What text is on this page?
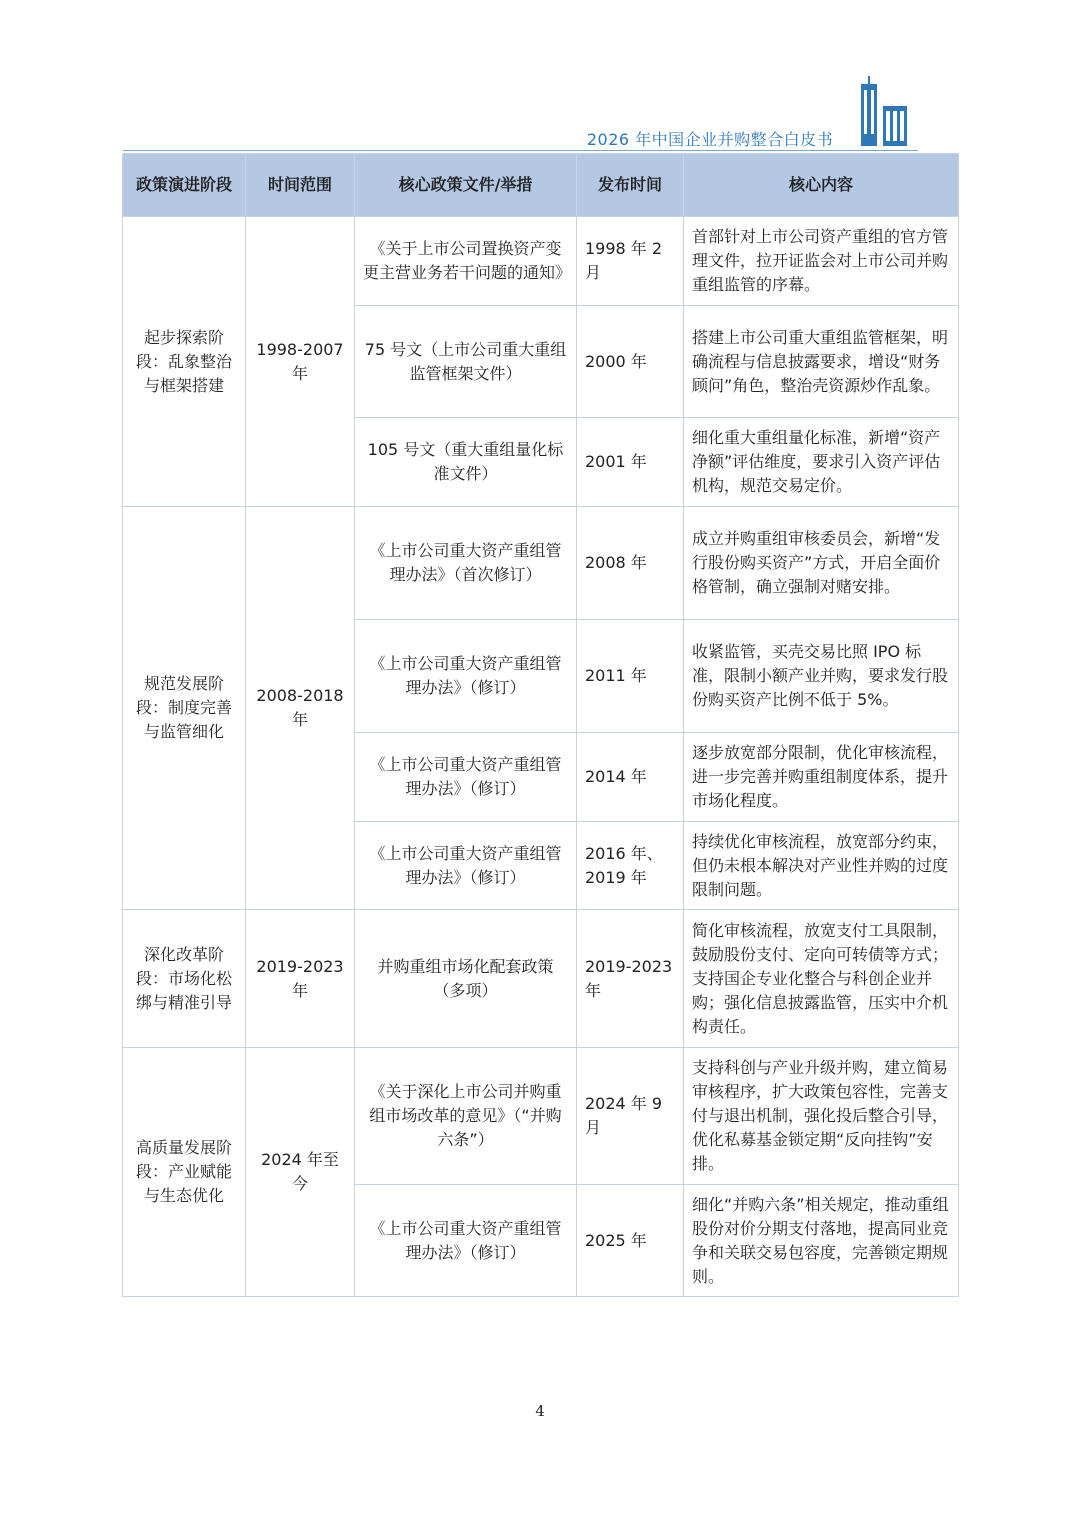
2026 年中国企业并购整合白皮书
政策演进阶段	时间范围	核心政策文件/举措	发布时间	核心内容
起步探索阶段：乱象整治与框架搭建	1998-2007 年	《关于上市公司置换资产变更主营业务若干问题的通知》	1998 年 2 月	首部针对上市公司资产重组的官方管理文件，拉开证监会对上市公司并购重组监管的序幕。
		75 号文（上市公司重大重组监管框架文件）	2000 年	搭建上市公司重大重组监管框架，明确流程与信息披露要求，增设“财务顾问”角色，整治壳资源炒作乱象。
		105 号文（重大重组量化标准文件）	2001 年	细化重大重组量化标准，新增“资产净额”评估维度，要求引入资产评估机构，规范交易定价。
规范发展阶段：制度完善与监管细化	2008-2018 年	《上市公司重大资产重组管理办法》（首次修订）	2008 年	成立并购重组审核委员会，新增“发行股份购买资产”方式，开启全面价格管制，确立强制对赌安排。
		《上市公司重大资产重组管理办法》（修订）	2011 年	收紧监管，买壳交易比照 IPO 标准，限制小额产业并购，要求发行股份购买资产比例不低于 5%。
		《上市公司重大资产重组管理办法》（修订）	2014 年	逐步放宽部分限制，优化审核流程，进一步完善并购重组制度体系，提升市场化程度。
		《上市公司重大资产重组管理办法》（修订）	2016 年、2019 年	持续优化审核流程，放宽部分约束，但仍未根本解决对产业性并购的过度限制问题。
深化改革阶段：市场化松绑与精准引导	2019-2023 年	并购重组市场化配套政策（多项）	2019-2023 年	简化审核流程，放宽支付工具限制，鼓励股份支付、定向可转债等方式；支持国企专业化整合与科创企业并购；强化信息披露监管，压实中介机构责任。
高质量发展阶段：产业赋能与生态优化	2024 年至今	《关于深化上市公司并购重组市场改革的意见》（“并购六条”）	2024 年 9 月	支持科创与产业升级并购，建立简易审核程序，扩大政策包容性，完善支付与退出机制，强化投后整合引导，优化私募基金锁定期“反向挂钩”安排。
		《上市公司重大资产重组管理办法》（修订）	2025 年	细化“并购六条”相关规定，推动重组股份对价分期支付落地，提高同业竞争和关联交易包容度，完善锁定期规则。
4
